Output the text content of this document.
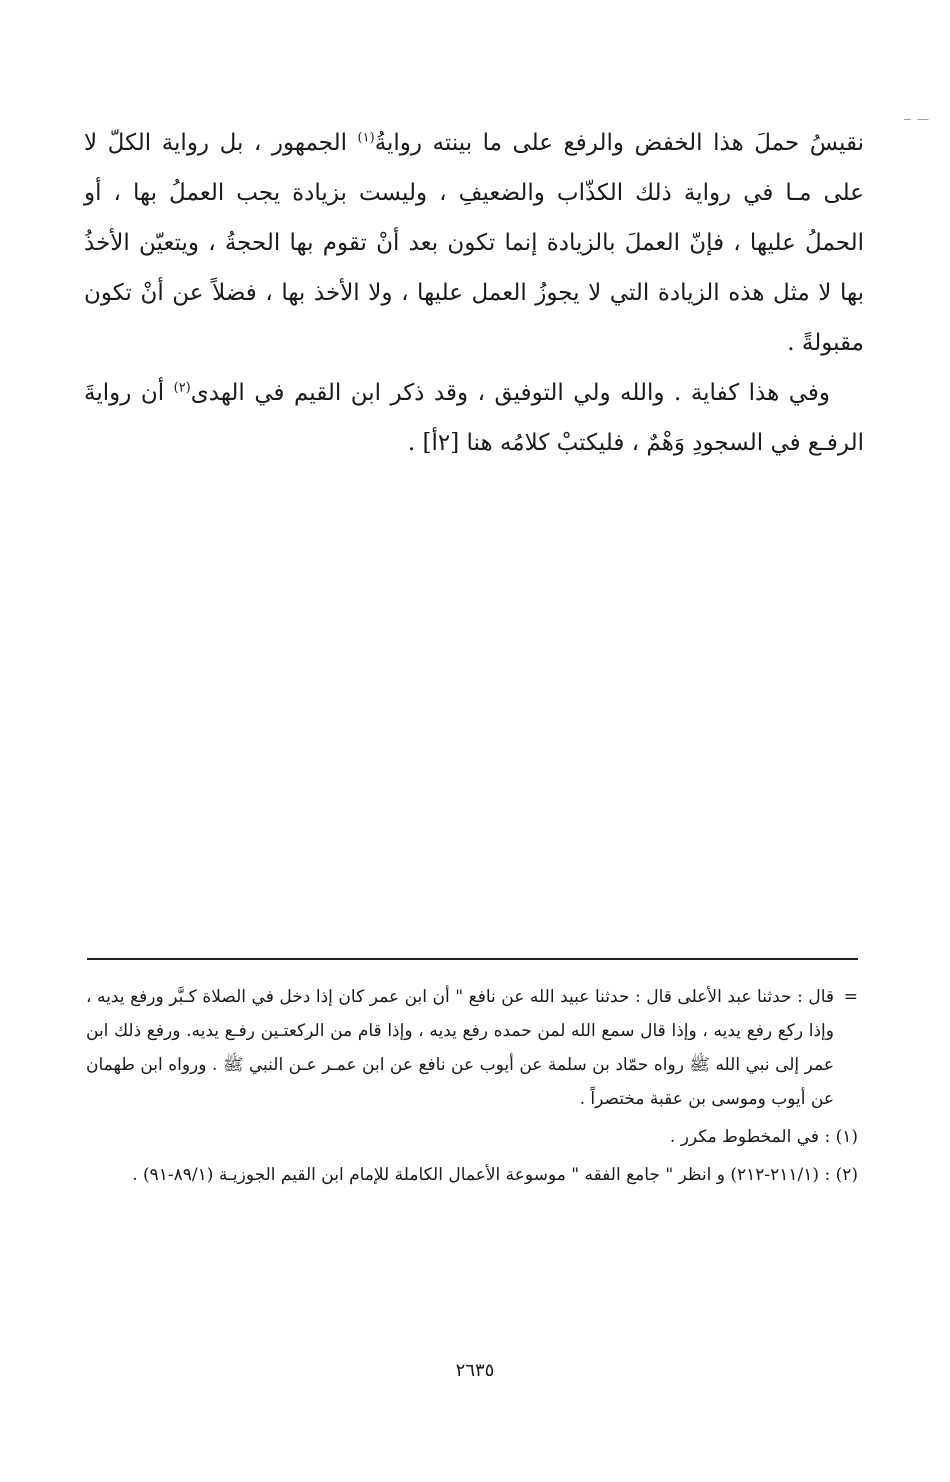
— ‒

نقيسُ حملَ هذا الخفض والرفع على ما بينته روايةُ$^{(١)}$ الجمهور ، بل رواية الكلّ لا على مـا في رواية ذلك الكذّاب والضعيفِ ، وليست بزيادة يجب العملُ بها ، أو الحملُ عليها ، فإنّ العملَ بالزيادة إنما تكون بعد أنْ تقوم بها الحجةُ ، ويتعيّن الأخذُ بها لا مثل هذه الزيادة التي لا يجوزُ العمل عليها ، ولا الأخذ بها ، فضلاً عن أنْ تكون مقبولةً .

وفي هذا كفاية . والله ولي التوفيق ، وقد ذكر ابن القيم في الهدى$^{(٢)}$ أن روايةَ الرفـع في السجودِ وَهْمٌ ، فليكتبْ كلامُه هنا [٢أ] .

=قال : حدثنا عبد الأعلى قال : حدثنا عبيد الله عن نافع " أن ابن عمر كان إذا دخل في الصلاة كـبَّر ورفع يديه ، وإذا ركع رفع يديه ، وإذا قال سمع الله لمن حمده رفع يديه ، وإذا قام من الركعتـين رفـع يديه. ورفع ذلك ابن عمر إلى نبي الله ﷺ رواه حمّاد بن سلمة عن أيوب عن نافع عن ابن عمـر عـن النبي ﷺ . ورواه ابن طهمان عن أيوب وموسى بن عقبة مختصراً .
(١) : في المخطوط مكرر .
(٢) : (٢١١/١-٢١٢) و انظر " جامع الفقه " موسوعة الأعمال الكاملة للإمام ابن القيم الجوزيـة (٨٩/١-٩١) .
٢٦٣٥
